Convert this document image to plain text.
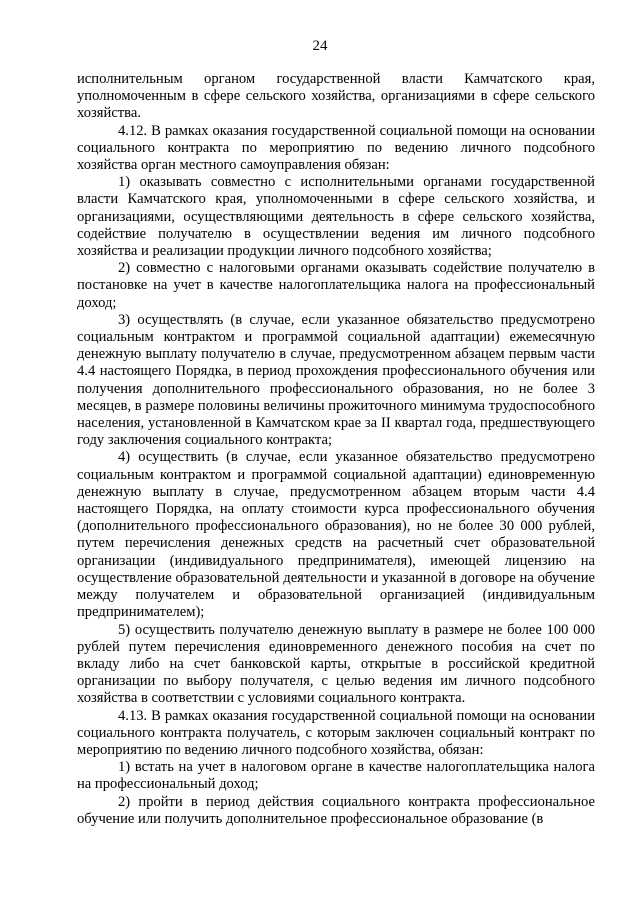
24

исполнительным органом государственной власти Камчатского края, уполномоченным в сфере сельского хозяйства, организациями в сфере сельского хозяйства.

4.12. В рамках оказания государственной социальной помощи на основании социального контракта по мероприятию по ведению личного подсобного хозяйства орган местного самоуправления обязан:

1) оказывать совместно с исполнительными органами государственной власти Камчатского края, уполномоченными в сфере сельского хозяйства, и организациями, осуществляющими деятельность в сфере сельского хозяйства, содействие получателю в осуществлении ведения им личного подсобного хозяйства и реализации продукции личного подсобного хозяйства;

2) совместно с налоговыми органами оказывать содействие получателю в постановке на учет в качестве налогоплательщика налога на профессиональный доход;

3) осуществлять (в случае, если указанное обязательство предусмотрено социальным контрактом и программой социальной адаптации) ежемесячную денежную выплату получателю в случае, предусмотренном абзацем первым части 4.4 настоящего Порядка, в период прохождения профессионального обучения или получения дополнительного профессионального образования, но не более 3 месяцев, в размере половины величины прожиточного минимума трудоспособного населения, установленной в Камчатском крае за II квартал года, предшествующего году заключения социального контракта;

4) осуществить (в случае, если указанное обязательство предусмотрено социальным контрактом и программой социальной адаптации) единовременную денежную выплату в случае, предусмотренном абзацем вторым части 4.4 настоящего Порядка, на оплату стоимости курса профессионального обучения (дополнительного профессионального образования), но не более 30 000 рублей, путем перечисления денежных средств на расчетный счет образовательной организации (индивидуального предпринимателя), имеющей лицензию на осуществление образовательной деятельности и указанной в договоре на обучение между получателем и образовательной организацией (индивидуальным предпринимателем);

5) осуществить получателю денежную выплату в размере не более 100 000 рублей путем перечисления единовременного денежного пособия на счет по вкладу либо на счет банковской карты, открытые в российской кредитной организации по выбору получателя, с целью ведения им личного подсобного хозяйства в соответствии с условиями социального контракта.

4.13. В рамках оказания государственной социальной помощи на основании социального контракта получатель, с которым заключен социальный контракт по мероприятию по ведению личного подсобного хозяйства, обязан:

1) встать на учет в налоговом органе в качестве налогоплательщика налога на профессиональный доход;

2) пройти в период действия социального контракта профессиональное обучение или получить дополнительное профессиональное образование (в
